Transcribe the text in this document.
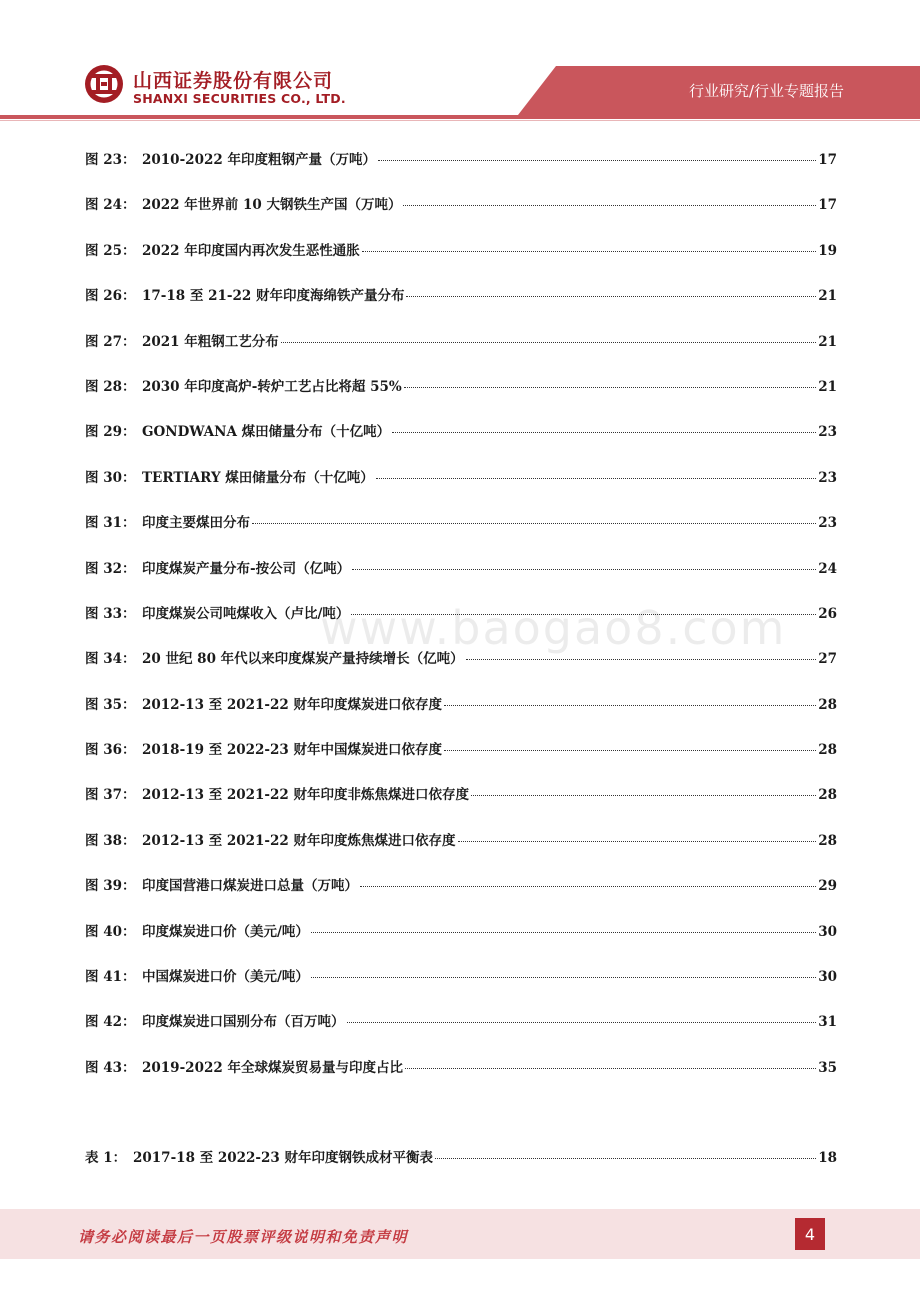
山西证券股份有限公司
SHANXI SECURITIES CO., LTD.	行业研究/行业专题报告
图 23： 2010-2022 年印度粗钢产量（万吨）	17
图 24： 2022 年世界前 10 大钢铁生产国（万吨）	17
图 25： 2022 年印度国内再次发生恶性通胀	19
图 26： 17-18 至 21-22 财年印度海绵铁产量分布	21
图 27： 2021 年粗钢工艺分布	21
图 28： 2030 年印度高炉-转炉工艺占比将超 55%	21
图 29： GONDWANA 煤田储量分布（十亿吨）	23
图 30： TERTIARY 煤田储量分布（十亿吨）	23
图 31： 印度主要煤田分布	23
图 32： 印度煤炭产量分布-按公司（亿吨）	24
图 33： 印度煤炭公司吨煤收入（卢比/吨）	26
图 34： 20 世纪 80 年代以来印度煤炭产量持续增长（亿吨）	27
图 35： 2012-13 至 2021-22 财年印度煤炭进口依存度	28
图 36： 2018-19 至 2022-23 财年中国煤炭进口依存度	28
图 37： 2012-13 至 2021-22 财年印度非炼焦煤进口依存度	28
图 38： 2012-13 至 2021-22 财年印度炼焦煤进口依存度	28
图 39： 印度国营港口煤炭进口总量（万吨）	29
图 40： 印度煤炭进口价（美元/吨）	30
图 41： 中国煤炭进口价（美元/吨）	30
图 42： 印度煤炭进口国别分布（百万吨）	31
图 43： 2019-2022 年全球煤炭贸易量与印度占比	35
表 1： 2017-18 至 2022-23 财年印度钢铁成材平衡表	18
www.baogao8.com
请务必阅读最后一页股票评级说明和免责声明	4
